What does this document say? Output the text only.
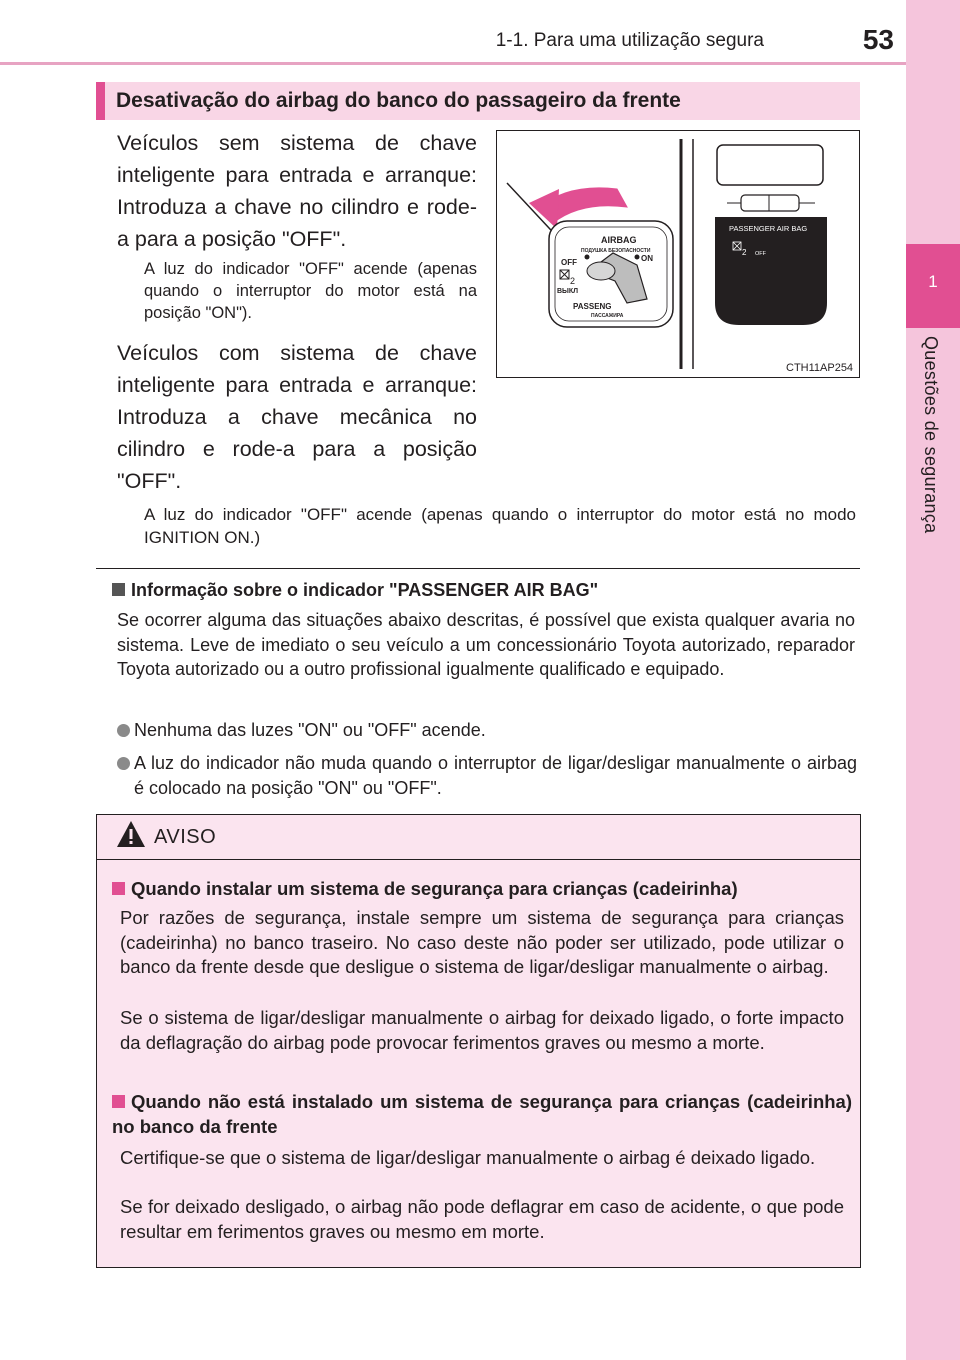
1-1. Para uma utilização segura	53
1
Questões de segurança
Desativação do airbag do banco do passageiro da frente
Veículos sem sistema de chave inteligente para entrada e arranque: Introduza a chave no cilindro e rode-a para a posição "OFF".
A luz do indicador "OFF" acende (apenas quando o interruptor do motor está na posição "ON").
Veículos com sistema de chave inteligente para entrada e arranque: Introduza a chave mecânica no cilindro e rode-a para a posição "OFF".
A luz do indicador "OFF" acende (apenas quando o interruptor do motor está no modo IGNITION ON.)
AIRBAG
ПОДУШКА БЕЗОПАСНОСТИ
OFF	ON
2
ВЫКЛ
PASSENG
ПАССАЖИРА
PASSENGER AIR BAG
2 OFF
CTH11AP254
Informação sobre o indicador "PASSENGER AIR BAG"
Se ocorrer alguma das situações abaixo descritas, é possível que exista qualquer avaria no sistema. Leve de imediato o seu veículo a um concessionário Toyota autorizado, reparador Toyota autorizado ou a outro profissional igualmente qualificado e equipado.
Nenhuma das luzes "ON" ou "OFF" acende.
A luz do indicador não muda quando o interruptor de ligar/desligar manualmente o airbag é colocado na posição "ON" ou "OFF".
AVISO
Quando instalar um sistema de segurança para crianças (cadeirinha)
Por razões de segurança, instale sempre um sistema de segurança para crianças (cadeirinha) no banco traseiro. No caso deste não poder ser utilizado, pode utilizar o banco da frente desde que desligue o sistema de ligar/desligar manualmente o airbag.
Se o sistema de ligar/desligar manualmente o airbag for deixado ligado, o forte impacto da deflagração do airbag pode provocar ferimentos graves ou mesmo a morte.
Quando não está instalado um sistema de segurança para crianças (cadeirinha) no banco da frente
Certifique-se que o sistema de ligar/desligar manualmente o airbag é deixado ligado.
Se for deixado desligado, o airbag não pode deflagrar em caso de acidente, o que pode resultar em ferimentos graves ou mesmo em morte.
